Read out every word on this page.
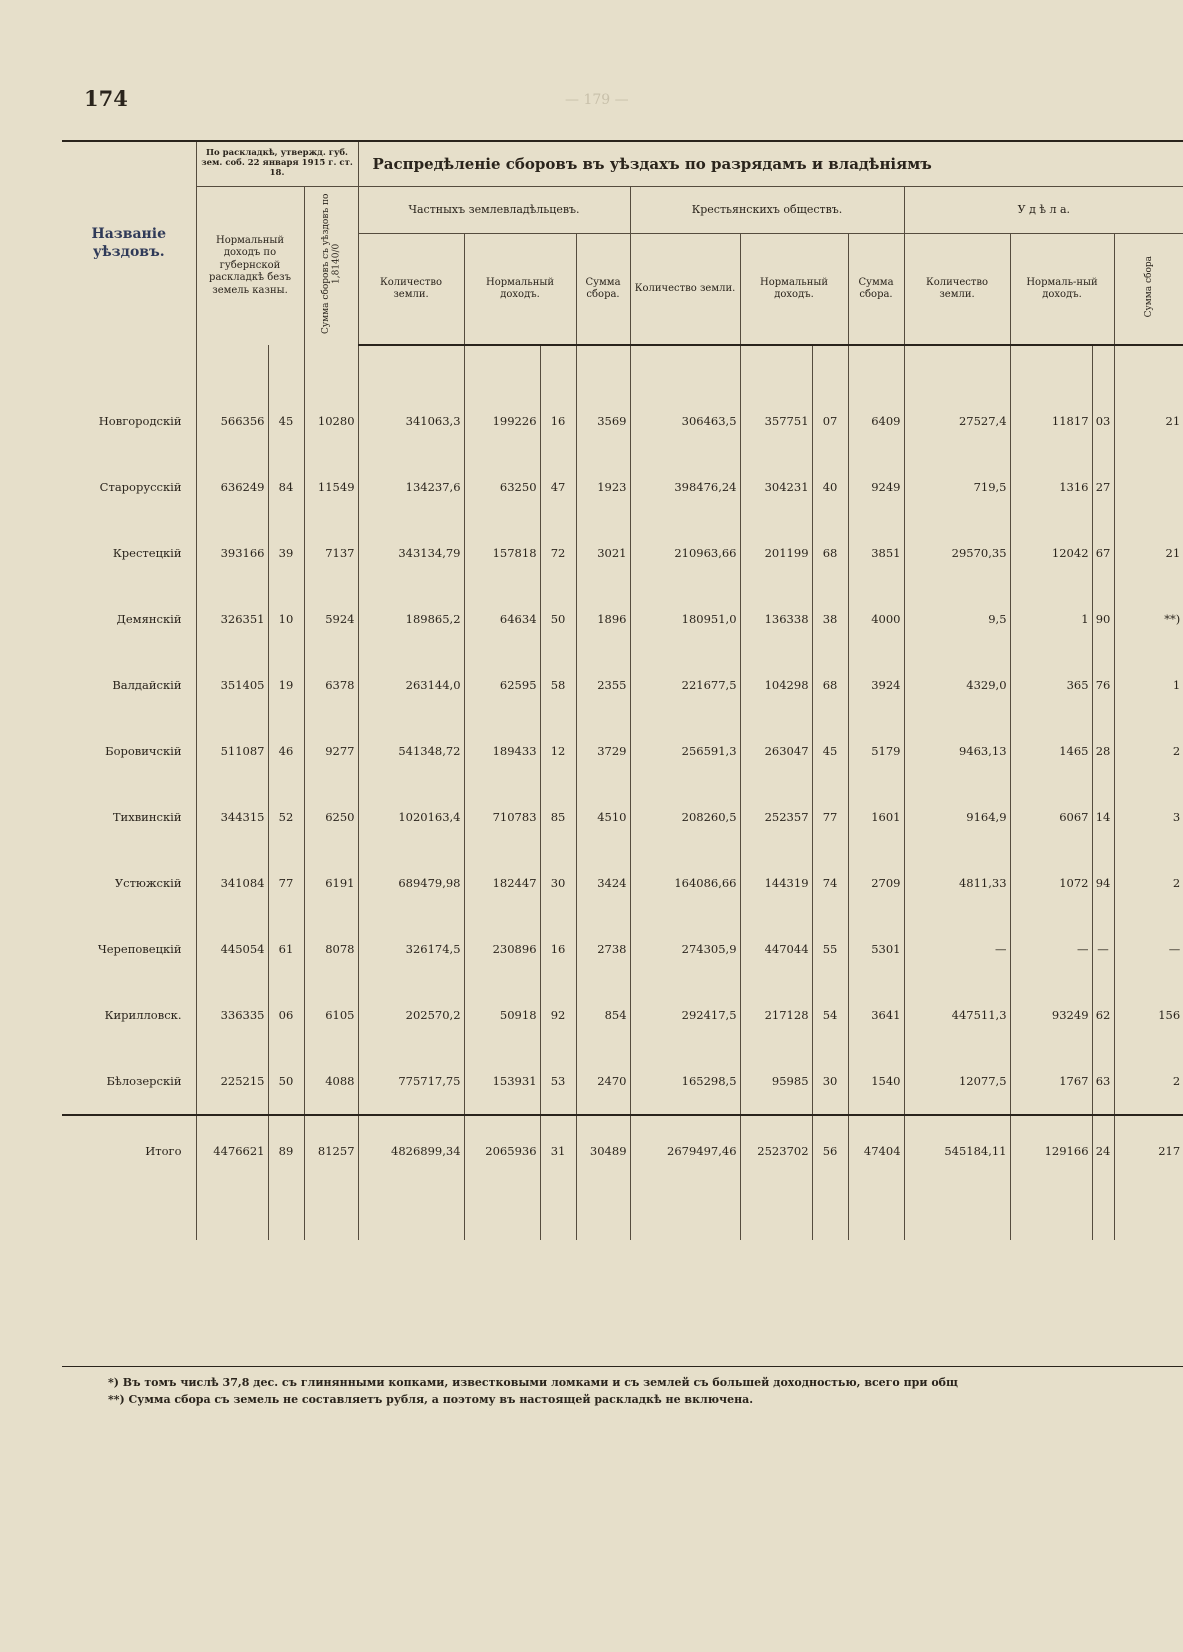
174	— 179 —
Названіе уѣздовъ.	По раскладкѣ, утвержд. губ. зем. соб. 22 января 1915 г. ст. 18.			Распредѣленіе сборовъ въ уѣздахъ по разрядамъ и владѣніямъ											
	Нормальный доходъ по губернской раскладкѣ безъ земель казны.		Сумма сборовъ съ уѣздовъ по 1,8140/0	Частныхъ землевладѣльцевъ.				Крестьянскихъ обществъ.				У д ѣ л а.			
				Количество земли.	Нормальный доходъ.		Сумма сбора.	Количество земли.	Нормальный доходъ.		Сумма сбора.	Количество земли.	Нормаль-ный доходъ.		Сумма сбора

Новгородскій	566356	45	10280	341063,3	199226	16	3569	306463,5	357751	07	6409	27527,4	11817	03	21
Старорусскій	636249	84	11549	134237,6	63250	47	1923	398476,24	304231	40	9249	719,5	1316	27	
Крестецкій	393166	39	7137	343134,79	157818	72	3021	210963,66	201199	68	3851	29570,35	12042	67	21
Демянскій	326351	10	5924	189865,2	64634	50	1896	180951,0	136338	38	4000	9,5	1	90	**)
Валдайскій	351405	19	6378	263144,0	62595	58	2355	221677,5	104298	68	3924	4329,0	365	76	1
Боровичскій	511087	46	9277	541348,72	189433	12	3729	256591,3	263047	45	5179	9463,13	1465	28	2
Тихвинскій	344315	52	6250	1020163,4	710783	85	4510	208260,5	252357	77	1601	9164,9	6067	14	3
Устюжскій	341084	77	6191	689479,98	182447	30	3424	164086,66	144319	74	2709	4811,33	1072	94	2
Череповецкій	445054	61	8078	326174,5	230896	16	2738	274305,9	447044	55	5301	—	—	—	—
Кирилловск.	336335	06	6105	202570,2	50918	92	854	292417,5	217128	54	3641	447511,3	93249	62	156
Бѣлозерскій	225215	50	4088	775717,75	153931	53	2470	165298,5	95985	30	1540	12077,5	1767	63	2
Итого	4476621	89	81257	4826899,34	2065936	31	30489	2679497,46	2523702	56	47404	545184,11	129166	24	217
*) Въ томъ числѣ 37,8 дес. съ глинянными копками, известковыми ломками и съ землей съ большей доходностью, всего при общ
**) Сумма сбора съ земель не составляетъ рубля, а поэтому въ настоящей раскладкѣ не включена.
